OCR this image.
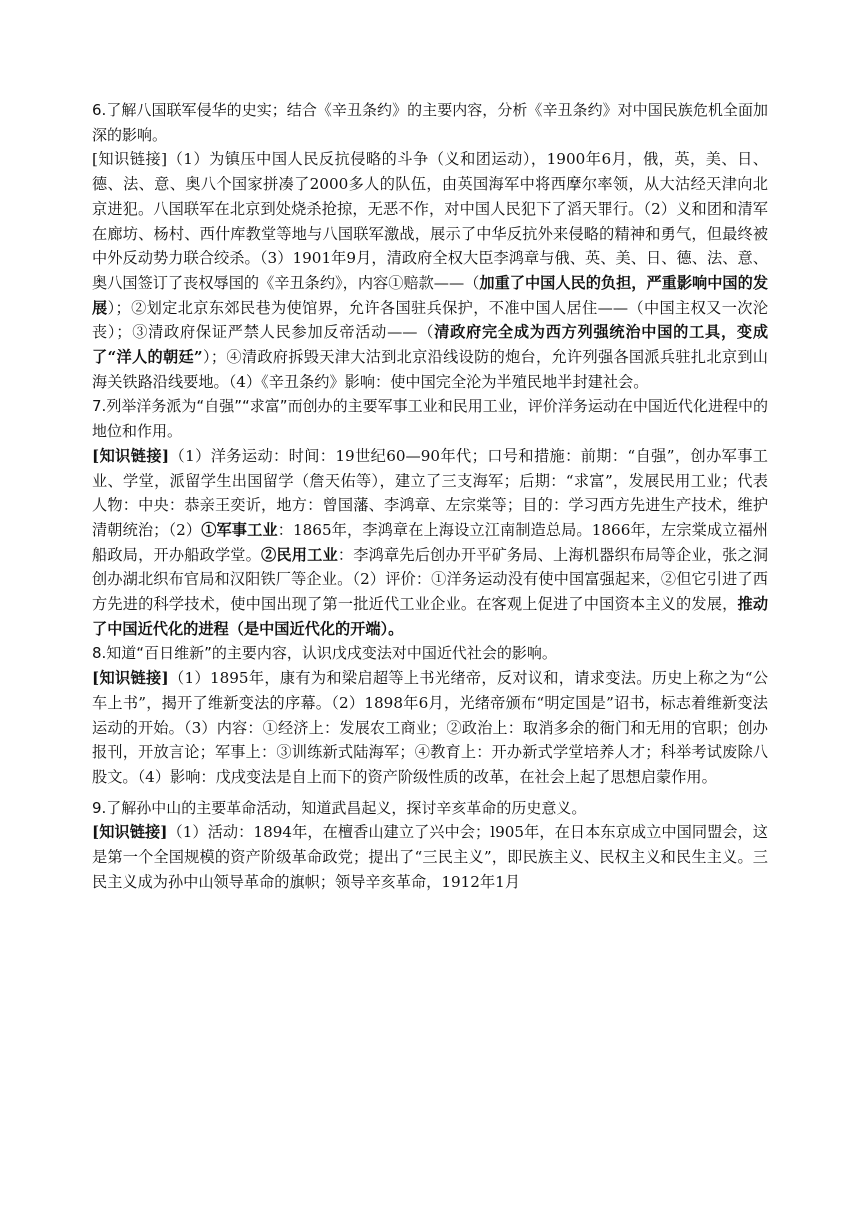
6.了解八国联军侵华的史实；结合《辛丑条约》的主要内容，分析《辛丑条约》对中国民族危机全面加深的影响。

[知识链接]（1）为镇压中国人民反抗侵略的斗争（义和团运动），1900年6月，俄，英，美、日、德、法、意、奥八个国家拼凑了2000多人的队伍，由英国海军中将西摩尔率领，从大沽经天津向北京进犯。八国联军在北京到处烧杀抢掠，无恶不作，对中国人民犯下了滔天罪行。（2）义和团和清军在廊坊、杨村、西什库教堂等地与八国联军激战，展示了中华反抗外来侵略的精神和勇气，但最终被中外反动势力联合绞杀。（3）1901年9月，清政府全权大臣李鸿章与俄、英、美、日、德、法、意、奥八国签订了丧权辱国的《辛丑条约》，内容①赔款——（加重了中国人民的负担，严重影响中国的发展）；②划定北京东郊民巷为使馆界，允许各国驻兵保护，不准中国人居住——（中国主权又一次沦丧）；③清政府保证严禁人民参加反帝活动——（清政府完全成为西方列强统治中国的工具，变成了“洋人的朝廷”）；④清政府拆毁天津大沽到北京沿线设防的炮台，允许列强各国派兵驻扎北京到山海关铁路沿线要地。（4）《辛丑条约》影响：使中国完全沦为半殖民地半封建社会。

7.列举洋务派为“自强”“求富”而创办的主要军事工业和民用工业，评价洋务运动在中国近代化进程中的地位和作用。

[知识链接]（1）洋务运动：时间：19世纪60—90年代；口号和措施：前期：“自强”，创办军事工业、学堂，派留学生出国留学（詹天佑等），建立了三支海军；后期：“求富”，发展民用工业；代表人物：中央：恭亲王奕䜣，地方：曾国藩、李鸿章、左宗棠等；目的：学习西方先进生产技术，维护清朝统治；（2）①军事工业：1865年，李鸿章在上海设立江南制造总局。1866年，左宗棠成立福州船政局，开办船政学堂。②民用工业：李鸿章先后创办开平矿务局、上海机器织布局等企业，张之洞创办湖北织布官局和汉阳铁厂等企业。（2）评价：①洋务运动没有使中国富强起来，②但它引进了西方先进的科学技术，使中国出现了第一批近代工业企业。在客观上促进了中国资本主义的发展，推动了中国近代化的进程（是中国近代化的开端）。

8.知道“百日维新”的主要内容，认识戊戌变法对中国近代社会的影响。

[知识链接]（1）1895年，康有为和梁启超等上书光绪帝，反对议和，请求变法。历史上称之为“公车上书”，揭开了维新变法的序幕。（2）1898年6月，光绪帝颁布“明定国是”诏书，标志着维新变法运动的开始。（3）内容：①经济上：发展农工商业；②政治上：取消多余的衙门和无用的官职；创办报刊，开放言论；军事上：③训练新式陆海军；④教育上：开办新式学堂培养人才；科举考试废除八股文。（4）影响：戊戌变法是自上而下的资产阶级性质的改革，在社会上起了思想启蒙作用。

9.了解孙中山的主要革命活动，知道武昌起义，探讨辛亥革命的历史意义。

[知识链接]（1）活动：1894年，在檀香山建立了兴中会；l905年，在日本东京成立中国同盟会，这是第一个全国规模的资产阶级革命政党；提出了“三民主义”，即民族主义、民权主义和民生主义。三民主义成为孙中山领导革命的旗帜；领导辛亥革命，1912年1月
